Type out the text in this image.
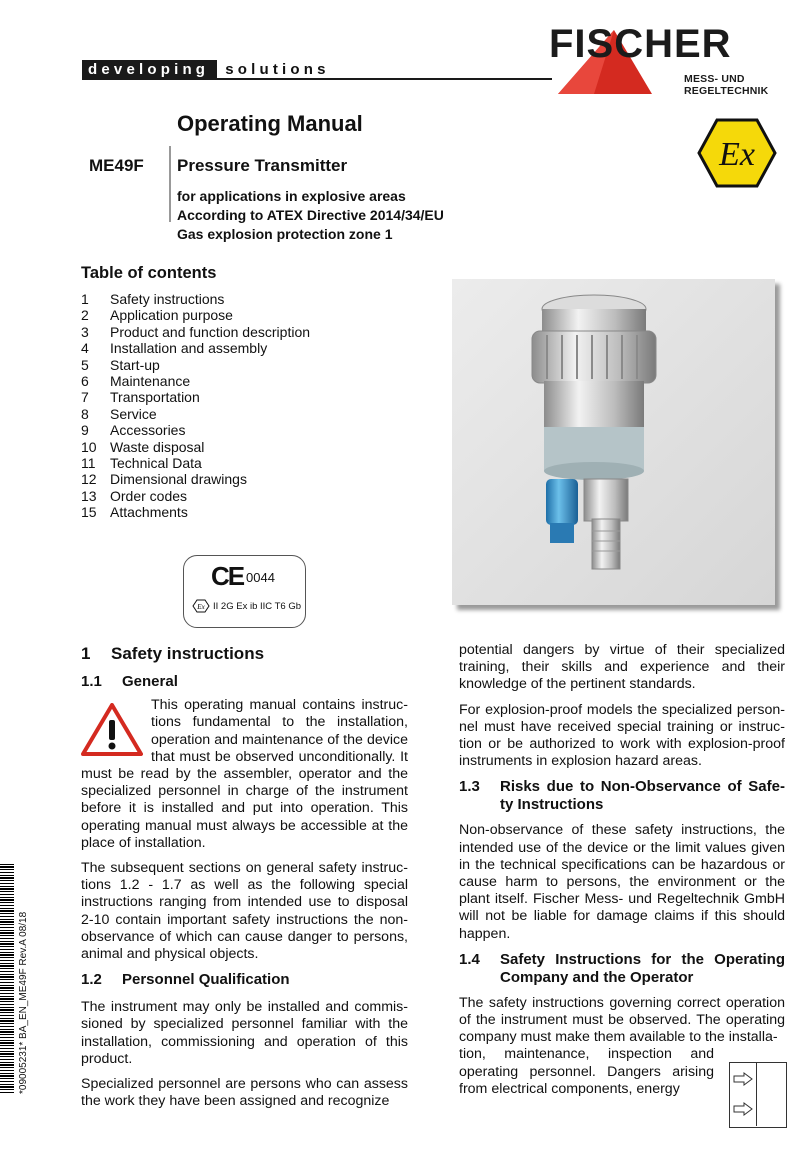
developing	solutions
FISCHER
MESS- UND REGELTECHNIK
Operating Manual
ME49F Pressure Transmitter
for applications in explosive areas
According to ATEX Directive 2014/34/EU
Gas explosion protection zone 1
Ex
Table of contents
1	Safety instructions
2	Application purpose
3	Product and function description
4	Installation and assembly
5	Start-up
6	Maintenance
7	Transportation
8	Service
9	Accessories
10 Waste disposal
11	Technical Data
12 Dimensional drawings
13 Order codes
15 Attachments
CE 0044
Ex II 2G Ex ib IIC T6 Gb
*09005231* BA_EN_ME49F Rev.A 08/18
1 Safety instructions
1.1 General

This operating manual contains instruc-tions fundamental to the installation, operation and maintenance of the device that must be observed unconditionally. It must be read by the assembler, operator and the specialized personnel in charge of the instrument before it is installed and put into operation. This operating manual must always be accessible at the place of installation.

The subsequent sections on general safety instruc-tions 1.2 - 1.7 as well as the following special instructions ranging from intended use to disposal 2-10 contain important safety instructions the non-observance of which can cause danger to persons, animal and physical objects.

1.2 Personnel Qualification

The instrument may only be installed and commis-sioned by specialized personnel familiar with the installation, commissioning and operation of this product.

Specialized personnel are persons who can assess the work they have been assigned and recognize

potential dangers by virtue of their specialized training, their skills and experience and their knowledge of the pertinent standards.

For explosion-proof models the specialized person-nel must have received special training or instruc-tion or be authorized to work with explosion-proof instruments in explosion hazard areas.

1.3	Risks due to Non-Observance of Safe-ty Instructions

Non-observance of these safety instructions, the intended use of the device or the limit values given in the technical specifications can be hazardous or cause harm to persons, the environment or the plant itself. Fischer Mess- und Regeltechnik GmbH will not be liable for damage claims if this should happen.

1.4	Safety Instructions for the Operating Company and the Operator

The safety instructions governing correct operation of the instrument must be observed. The operating company must make them available to the installa-

tion, maintenance, inspection and operating personnel. Dangers arising from electrical components, energy
